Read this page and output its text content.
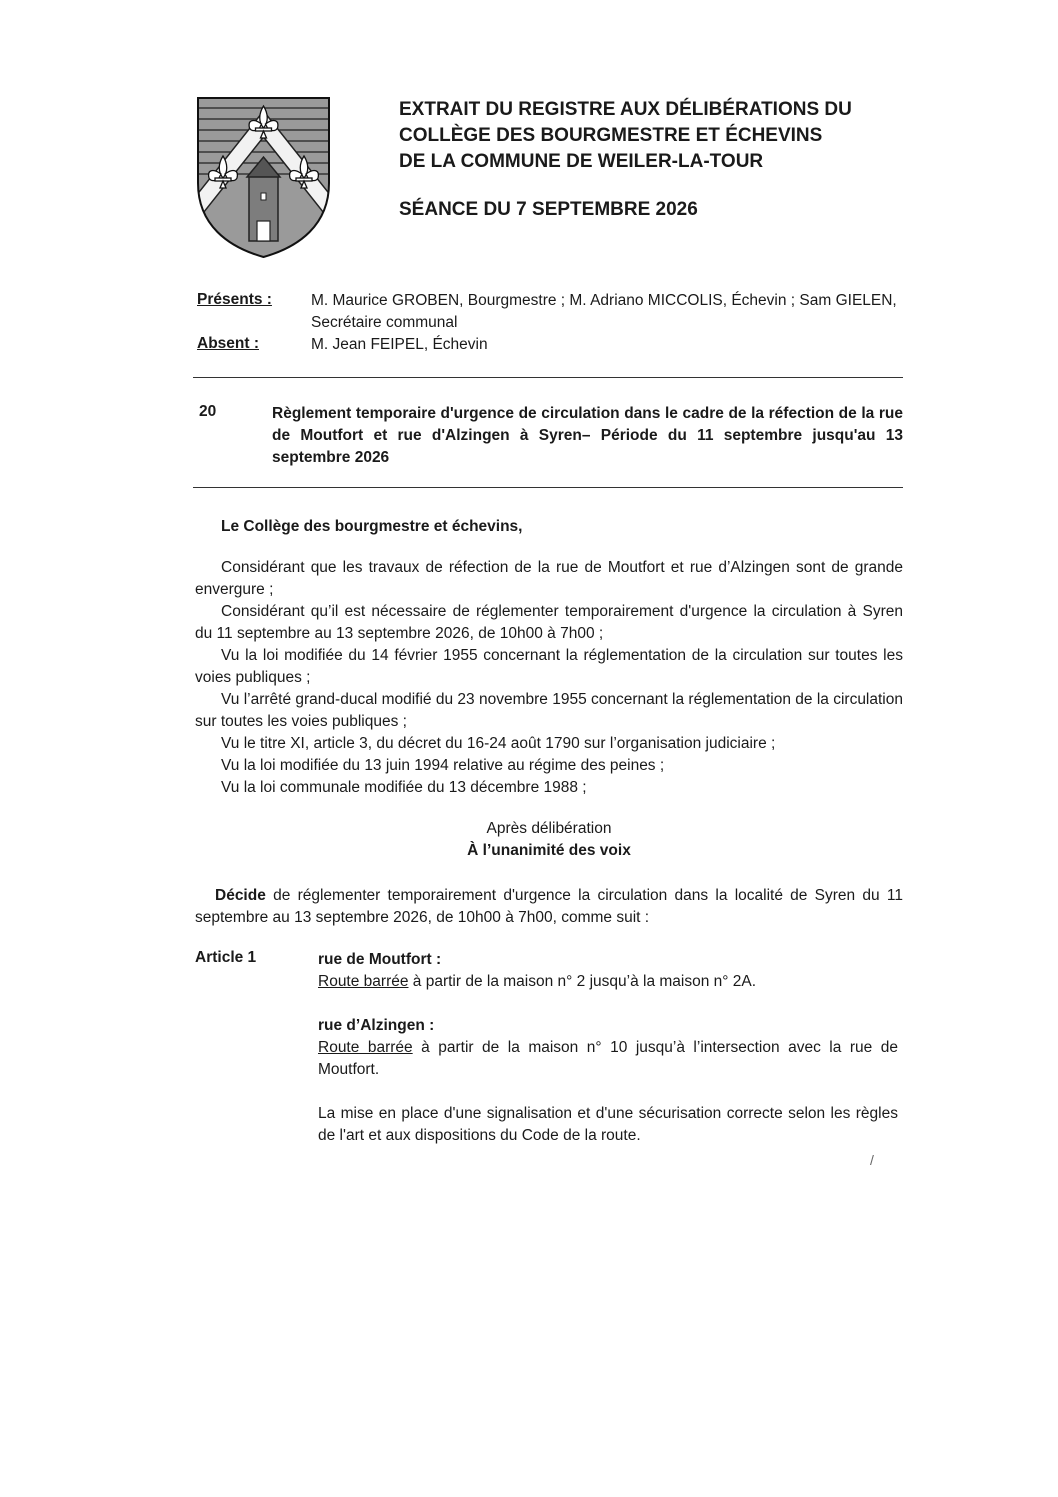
EXTRAIT DU REGISTRE AUX DÉLIBÉRATIONS DU
COLLÈGE DES BOURGMESTRE ET ÉCHEVINS
DE LA COMMUNE DE WEILER-LA-TOUR
SÉANCE DU 7 SEPTEMBRE 2026
Présents :	M. Maurice GROBEN, Bourgmestre ; M. Adriano MICCOLIS, Échevin ; Sam GIELEN,
Secrétaire communal
Absent :	M. Jean FEIPEL, Échevin
20	Règlement temporaire d'urgence de circulation dans le cadre de la réfection de la rue de Moutfort et rue d'Alzingen à Syren– Période du 11 septembre jusqu'au 13 septembre 2026
Le Collège des bourgmestre et échevins,

Considérant que les travaux de réfection de la rue de Moutfort et rue d’Alzingen sont de grande envergure ;

Considérant qu’il est nécessaire de réglementer temporairement d'urgence la circulation à Syren du 11 septembre au 13 septembre 2026, de 10h00 à 7h00 ;

Vu la loi modifiée du 14 février 1955 concernant la réglementation de la circulation sur toutes les voies publiques ;

Vu l’arrêté grand-ducal modifié du 23 novembre 1955 concernant la réglementation de la circulation sur toutes les voies publiques ;

Vu le titre XI, article 3, du décret du 16-24 août 1790 sur l’organisation judiciaire ;

Vu la loi modifiée du 13 juin 1994 relative au régime des peines ;

Vu la loi communale modifiée du 13 décembre 1988 ;

Après délibération
À l’unanimité des voix
Décide de réglementer temporairement d'urgence la circulation dans la localité de Syren du 11 septembre au 13 septembre 2026, de 10h00 à 7h00, comme suit :
Article 1	rue de Moutfort :

Route barrée à partir de la maison n° 2 jusqu’à la maison n° 2A.

rue d’Alzingen :

Route barrée à partir de la maison n° 10 jusqu’à l’intersection avec la rue de Moutfort.

La mise en place d'une signalisation et d'une sécurisation correcte selon les règles de l'art et aux dispositions du Code de la route.

/
